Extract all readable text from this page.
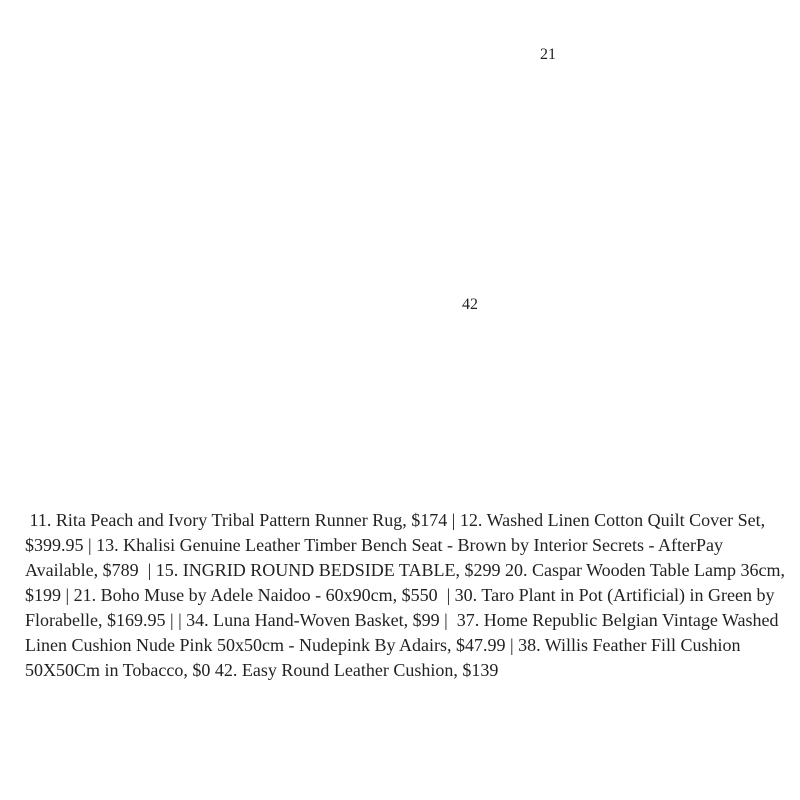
21
42

11. Rita Peach and Ivory Tribal Pattern Runner Rug, $174 | 12. Washed Linen Cotton Quilt Cover Set, $399.95 | 13. Khalisi Genuine Leather Timber Bench Seat - Brown by Interior Secrets - AfterPay Available, $789  | 15. INGRID ROUND BEDSIDE TABLE, $299 20. Caspar Wooden Table Lamp 36cm, $199 | 21. Boho Muse by Adele Naidoo - 60x90cm, $550  | 30. Taro Plant in Pot (Artificial) in Green by Florabelle, $169.95 | | 34. Luna Hand-Woven Basket, $99 |  37. Home Republic Belgian Vintage Washed Linen Cushion Nude Pink 50x50cm - Nudepink By Adairs, $47.99 | 38. Willis Feather Fill Cushion 50X50Cm in Tobacco, $0 42. Easy Round Leather Cushion, $139
